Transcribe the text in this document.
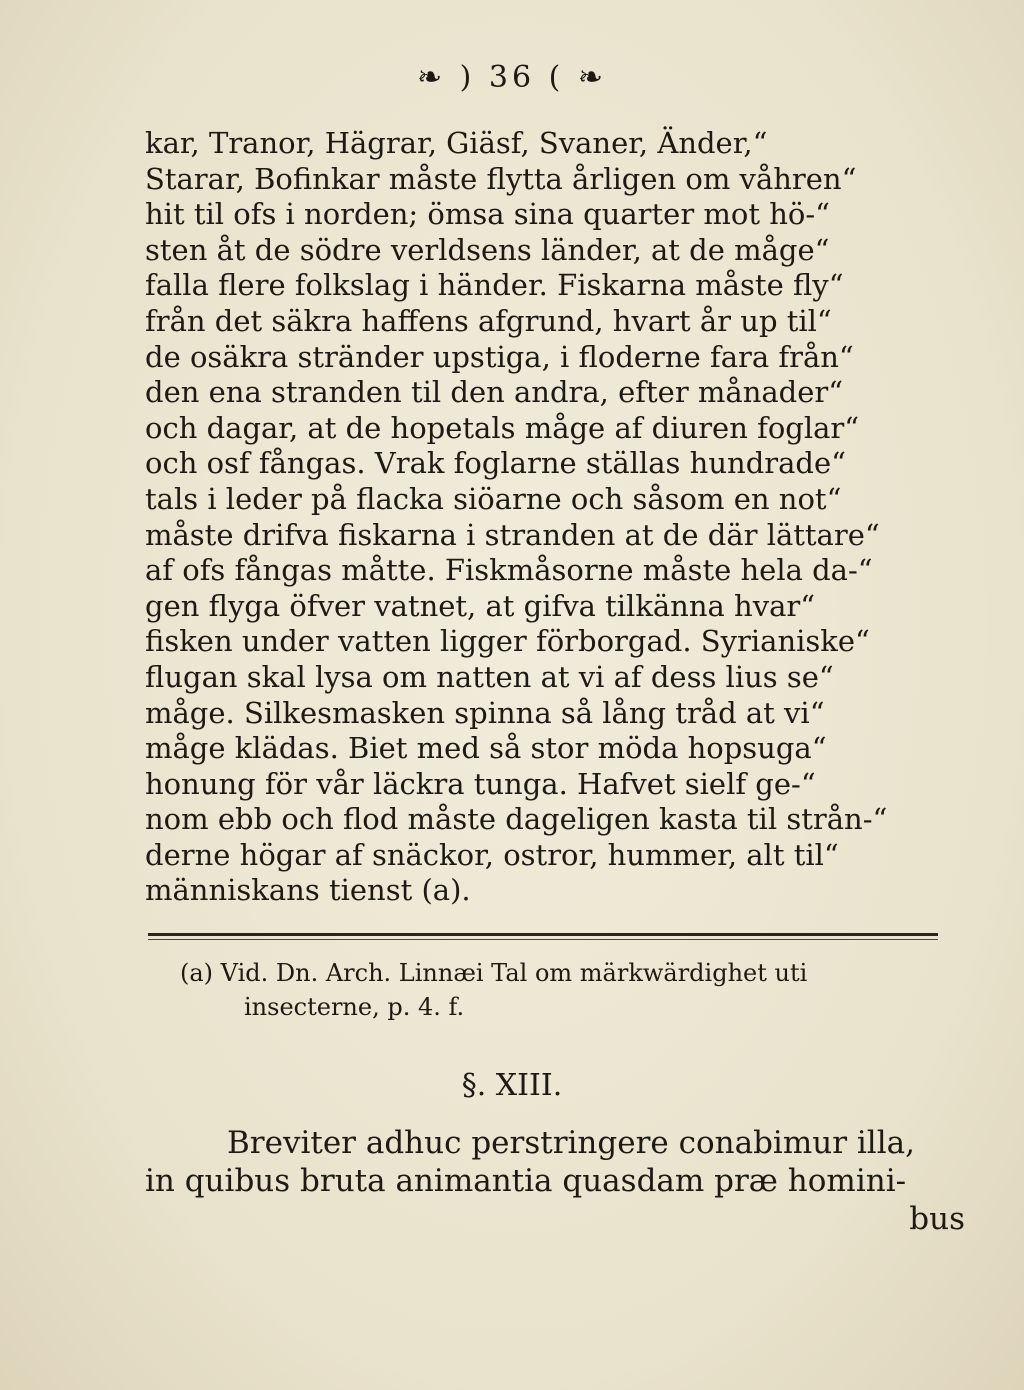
❧ ) 36 ( ❧
kar, Tranor, Hägrar, Giäsf, Svaner, Änder,“
Starar, Bofinkar måste flytta årligen om våhren“
hit til ofs i norden; ömsa sina quarter mot hö-“
sten åt de södre verldsens länder, at de måge“
falla flere folkslag i händer. Fiskarna måste fly“
från det säkra haffens afgrund, hvart år up til“
de osäkra stränder upstiga, i floderne fara från“
den ena stranden til den andra, efter månader“
och dagar, at de hopetals måge af diuren foglar“
och osf fångas. Vrak foglarne ställas hundrade“
tals i leder på flacka siöarne och såsom en not“
måste drifva fiskarna i stranden at de där lättare“
af ofs fångas måtte. Fiskmåsorne måste hela da-“
gen flyga öfver vatnet, at gifva tilkänna hvar“
fisken under vatten ligger förborgad. Syrianiske“
flugan skal lysa om natten at vi af dess lius se“
måge. Silkesmasken spinna så lång tråd at vi“
måge klädas. Biet med så stor möda hopsuga“
honung för vår läckra tunga. Hafvet sielf ge-“
nom ebb och flod måste dageligen kasta til strån-“
derne högar af snäckor, ostror, hummer, alt til“
människans tienst (a).
(a) Vid. Dn. Arch. Linnæi Tal om märkwärdighet uti
insecterne, p. 4. f.
§. XIII.
Breviter adhuc perstringere conabimur illa,
in quibus bruta animantia quasdam præ homini-
bus
